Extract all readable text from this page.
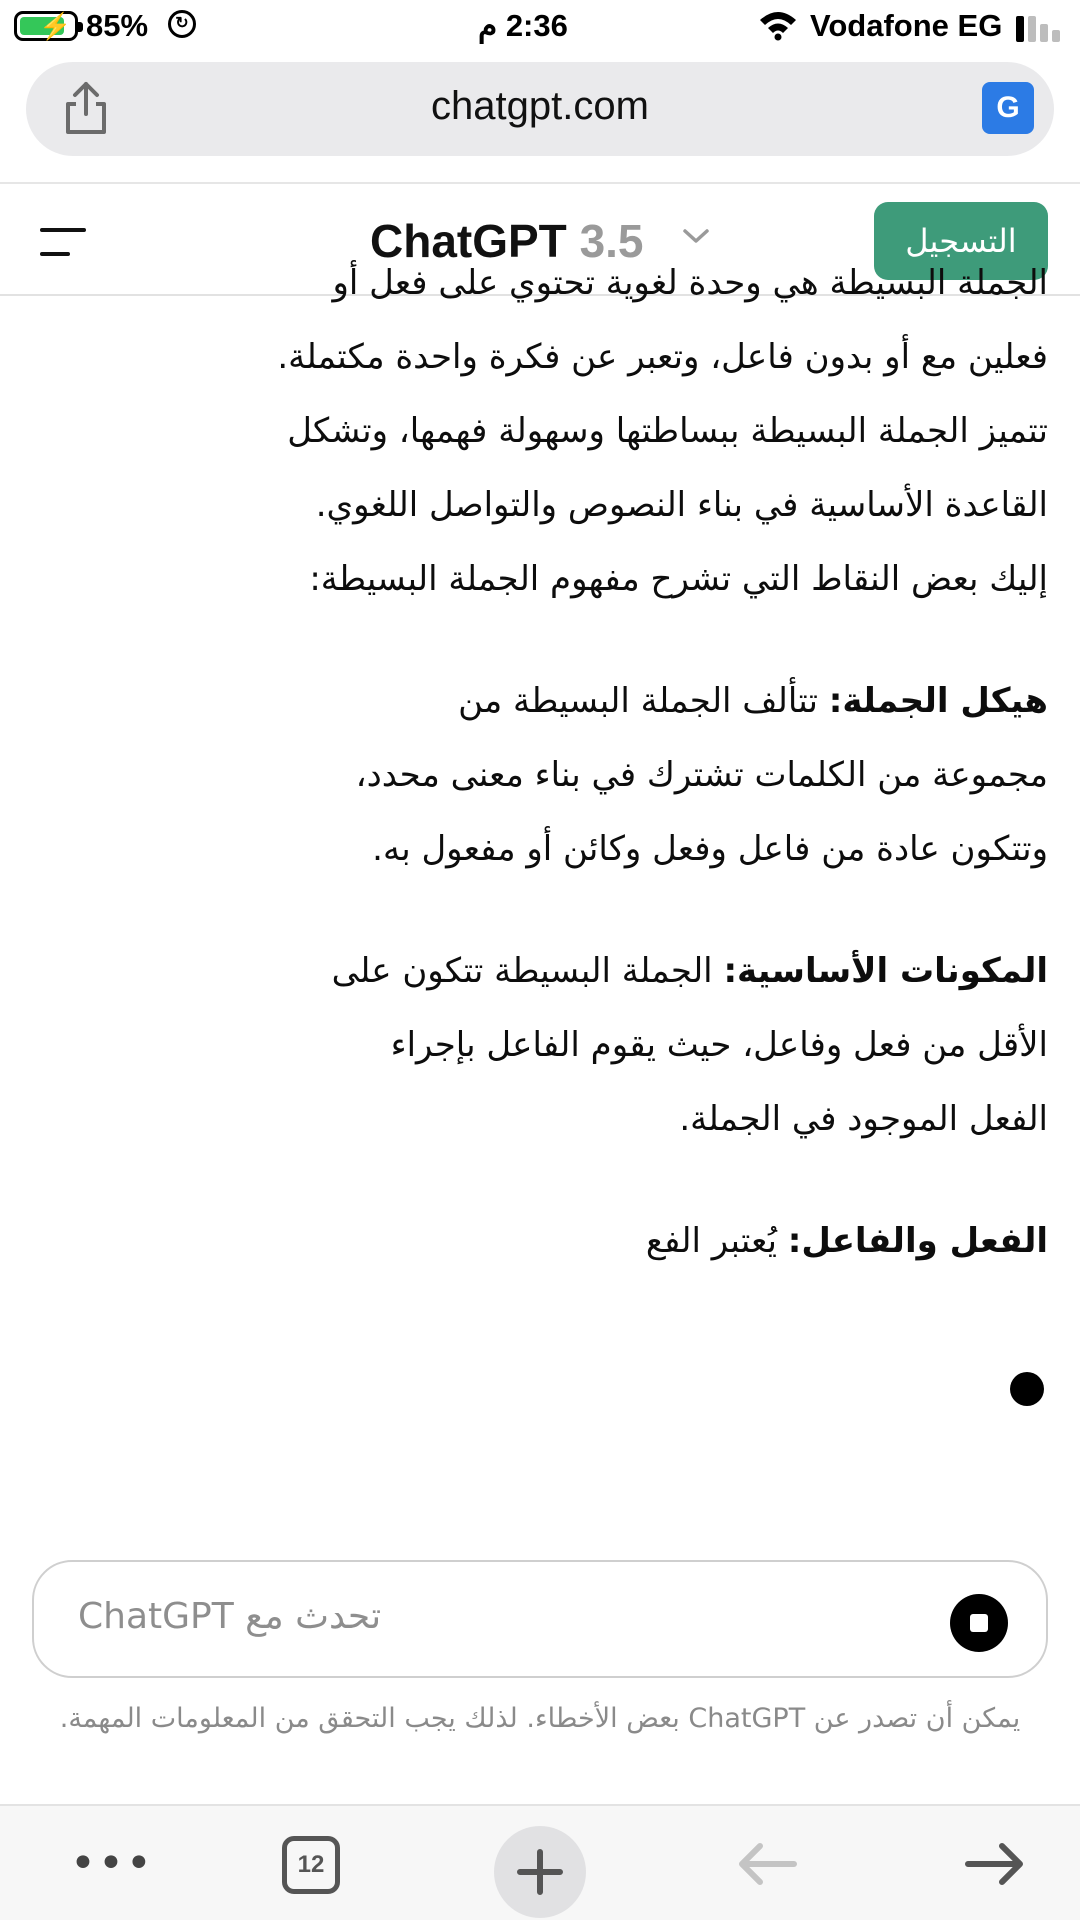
⚡ 85%	↻	2:36 م	Vodafone EG
chatgpt.com	G
ChatGPT 3.5	التسجيل

الجملة البسيطة هي وحدة لغوية تحتوي على فعل أو

فعلين مع أو بدون فاعل، وتعبر عن فكرة واحدة مكتملة.

تتميز الجملة البسيطة ببساطتها وسهولة فهمها، وتشكل

القاعدة الأساسية في بناء النصوص والتواصل اللغوي.

إليك بعض النقاط التي تشرح مفهوم الجملة البسيطة:

هيكل الجملة: تتألف الجملة البسيطة من

مجموعة من الكلمات تشترك في بناء معنى محدد،

وتتكون عادة من فاعل وفعل وكائن أو مفعول به.

المكونات الأساسية: الجملة البسيطة تتكون على

الأقل من فعل وفاعل، حيث يقوم الفاعل بإجراء

الفعل الموجود في الجملة.

الفعل والفاعل: يُعتبر الفع

تحدث مع ChatGPT
يمكن أن تصدر عن ChatGPT بعض الأخطاء. لذلك يجب التحقق من المعلومات المهمة.
•••	12
